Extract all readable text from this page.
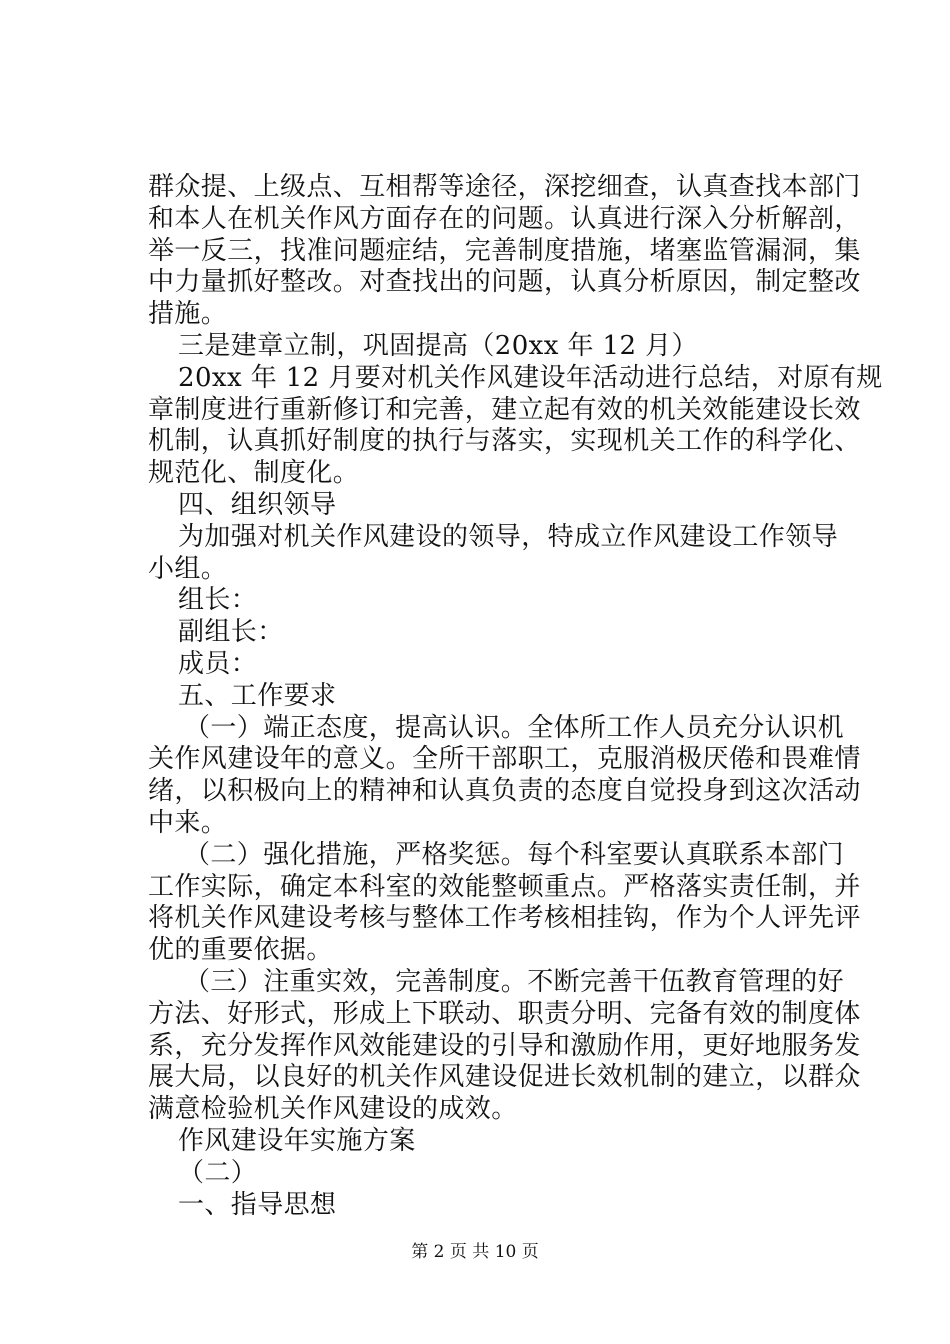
群众提、上级点、互相帮等途径，深挖细查，认真查找本部门
和本人在机关作风方面存在的问题。认真进行深入分析解剖，
举一反三，找准问题症结，完善制度措施，堵塞监管漏洞，集
中力量抓好整改。对查找出的问题，认真分析原因，制定整改
措施。
三是建章立制，巩固提高（20xx 年 12 月）
20xx 年 12 月要对机关作风建设年活动进行总结，对原有规
章制度进行重新修订和完善，建立起有效的机关效能建设长效
机制，认真抓好制度的执行与落实，实现机关工作的科学化、
规范化、制度化。
四、组织领导
为加强对机关作风建设的领导，特成立作风建设工作领导
小组。
组长：
副组长：
成员：
五、工作要求
（一）端正态度，提高认识。全体所工作人员充分认识机
关作风建设年的意义。全所干部职工，克服消极厌倦和畏难情
绪，以积极向上的精神和认真负责的态度自觉投身到这次活动
中来。
（二）强化措施，严格奖惩。每个科室要认真联系本部门
工作实际，确定本科室的效能整顿重点。严格落实责任制，并
将机关作风建设考核与整体工作考核相挂钩，作为个人评先评
优的重要依据。
（三）注重实效，完善制度。不断完善干伍教育管理的好
方法、好形式，形成上下联动、职责分明、完备有效的制度体
系，充分发挥作风效能建设的引导和激励作用，更好地服务发
展大局，以良好的机关作风建设促进长效机制的建立，以群众
满意检验机关作风建设的成效。
作风建设年实施方案
（二）
一、指导思想
第 2 页 共 10 页
